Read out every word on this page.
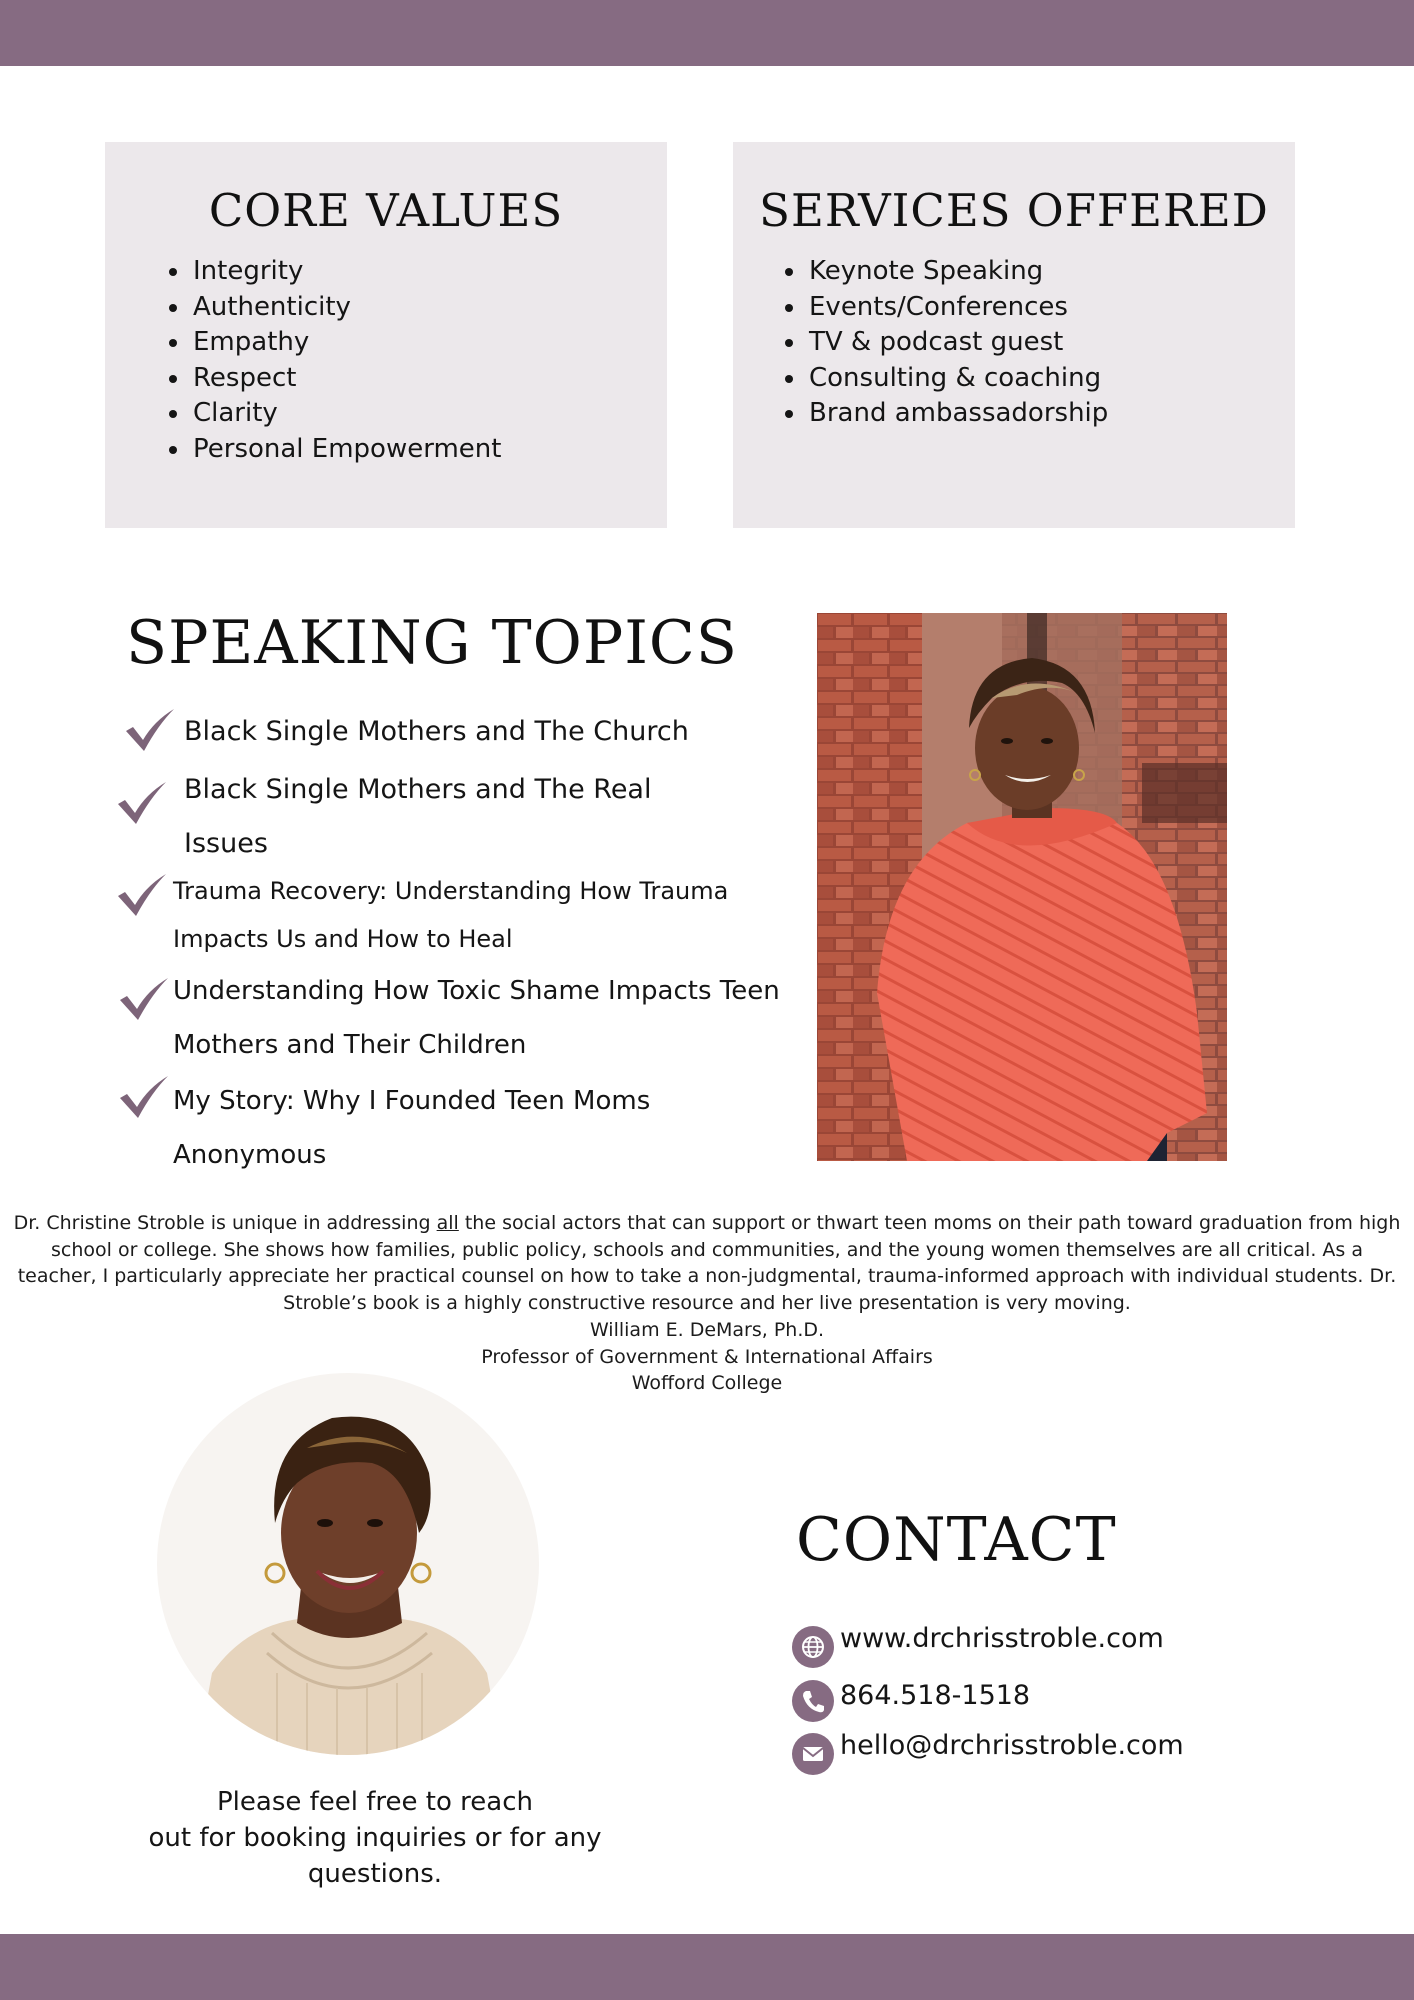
CORE VALUES
• Integrity
• Authenticity
• Empathy
• Respect
• Clarity
• Personal Empowerment
SERVICES OFFERED
• Keynote Speaking
• Events/Conferences
• TV & podcast guest
• Consulting & coaching
• Brand ambassadorship
SPEAKING TOPICS
Black Single Mothers and The Church
Black Single Mothers and The Real
Issues
Trauma Recovery: Understanding How Trauma
Impacts Us and How to Heal
Understanding How Toxic Shame Impacts Teen
Mothers and Their Children
My Story: Why I Founded Teen Moms
Anonymous
Dr. Christine Stroble is unique in addressing all the social actors that can support or thwart teen moms on their path toward graduation from high school or college. She shows how families, public policy, schools and communities, and the young women themselves are all critical. As a teacher, I particularly appreciate her practical counsel on how to take a non-judgmental, trauma-informed approach with individual students. Dr. Stroble’s book is a highly constructive resource and her live presentation is very moving.
William E. DeMars, Ph.D.
Professor of Government & International Affairs
Wofford College
Please feel free to reach
out for booking inquiries or for any
questions.
CONTACT
www.drchrisstroble.com
864.518-1518
hello@drchrisstroble.com
